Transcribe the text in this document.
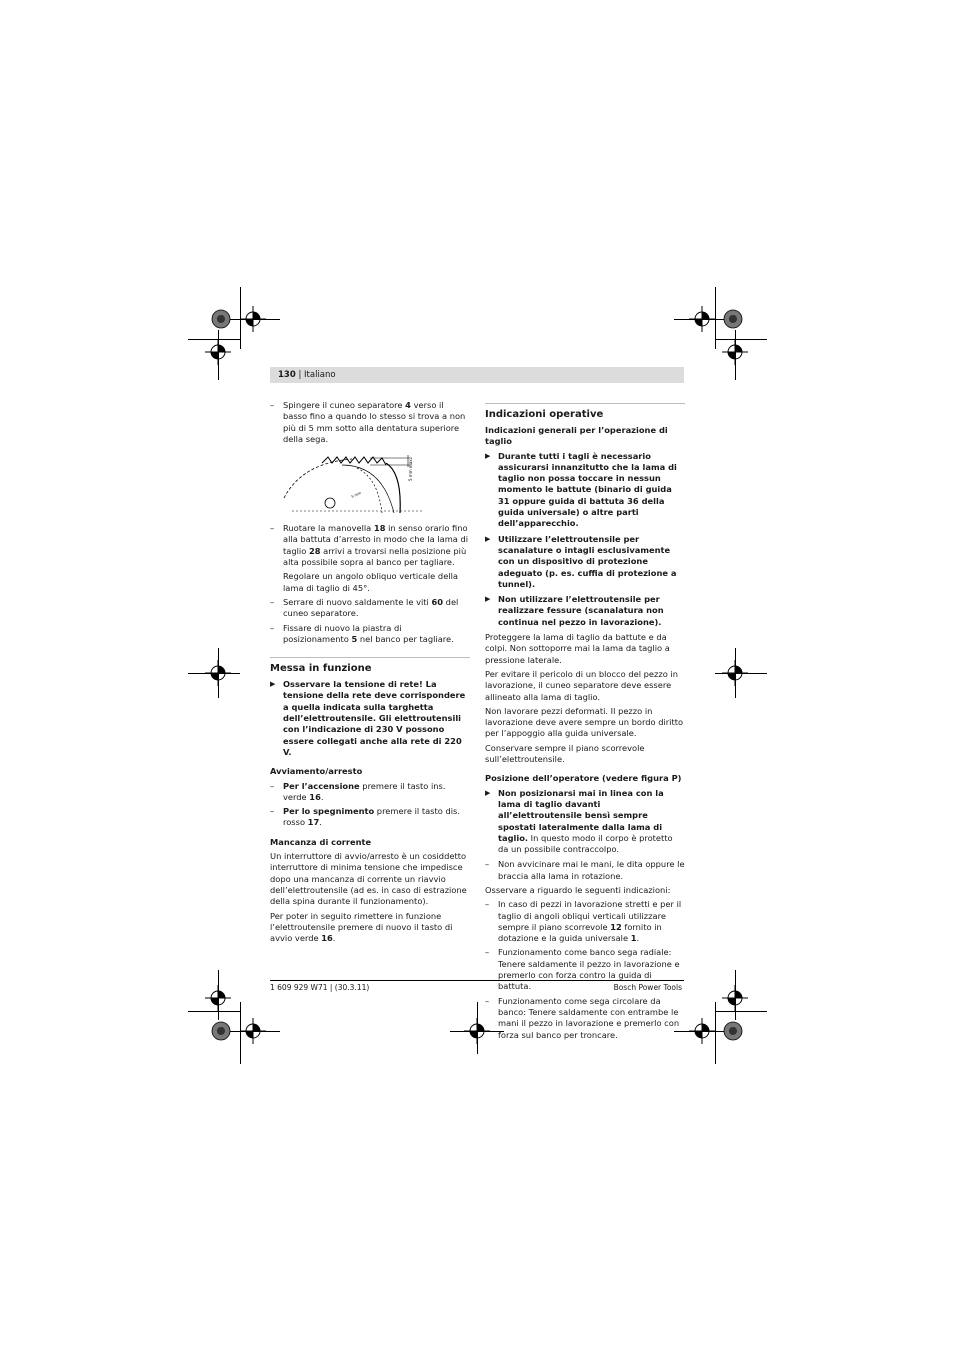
130 | Italiano
– Spingere il cuneo separatore 4 verso il basso fino a quando lo stesso si trova a non più di 5 mm sotto alla dentatura superiore della sega.
5 mm max.
5 mm
– Ruotare la manovella 18 in senso orario fino alla battuta d’arresto in modo che la lama di taglio 28 arrivi a trovarsi nella posizione più alta possibile sopra al banco per tagliare.
Regolare un angolo obliquo verticale della lama di taglio di 45°.
– Serrare di nuovo saldamente le viti 60 del cuneo separatore.
– Fissare di nuovo la piastra di posizionamento 5 nel banco per tagliare.
Messa in funzione
▶ Osservare la tensione di rete! La tensione della rete deve corrispondere a quella indicata sulla targhetta dell’elettroutensile. Gli elettroutensili con l’indicazione di 230 V possono essere collegati anche alla rete di 220 V.
Avviamento/arresto
– Per l’accensione premere il tasto ins. verde 16.
– Per lo spegnimento premere il tasto dis. rosso 17.
Mancanza di corrente

Un interruttore di avvio/arresto è un cosiddetto interruttore di minima tensione che impedisce dopo una mancanza di corrente un riavvio dell’elettroutensile (ad es. in caso di estrazione della spina durante il funzionamento).

Per poter in seguito rimettere in funzione l’elettroutensile premere di nuovo il tasto di avvio verde 16.

Indicazioni operative
Indicazioni generali per l’operazione di taglio
▶ Durante tutti i tagli è necessario assicurarsi innanzitutto che la lama di taglio non possa toccare in nessun momento le battute (binario di guida 31 oppure guida di battuta 36 della guida universale) o altre parti dell’apparecchio.
▶ Utilizzare l’elettroutensile per scanalature o intagli esclusivamente con un dispositivo di protezione adeguato (p. es. cuffia di protezione a tunnel).
▶ Non utilizzare l’elettroutensile per realizzare fessure (scanalatura non continua nel pezzo in lavorazione).

Proteggere la lama di taglio da battute e da colpi. Non sottoporre mai la lama da taglio a pressione laterale.

Per evitare il pericolo di un blocco del pezzo in lavorazione, il cuneo separatore deve essere allineato alla lama di taglio.

Non lavorare pezzi deformati. Il pezzo in lavorazione deve avere sempre un bordo diritto per l’appoggio alla guida universale.

Conservare sempre il piano scorrevole sull’elettroutensile.

Posizione dell’operatore (vedere figura P)
▶ Non posizionarsi mai in linea con la lama di taglio davanti all’elettroutensile bensì sempre spostati lateralmente dalla lama di taglio. In questo modo il corpo è protetto da un possibile contraccolpo.
– Non avvicinare mai le mani, le dita oppure le braccia alla lama in rotazione.

Osservare a riguardo le seguenti indicazioni:

– In caso di pezzi in lavorazione stretti e per il taglio di angoli obliqui verticali utilizzare sempre il piano scorrevole 12 fornito in dotazione e la guida universale 1.
– Funzionamento come banco sega radiale: Tenere saldamente il pezzo in lavorazione e premerlo con forza contro la guida di battuta.
– Funzionamento come sega circolare da banco: Tenere saldamente con entrambe le mani il pezzo in lavorazione e premerlo con forza sul banco per troncare.
1 609 929 W71 | (30.3.11)	Bosch Power Tools
